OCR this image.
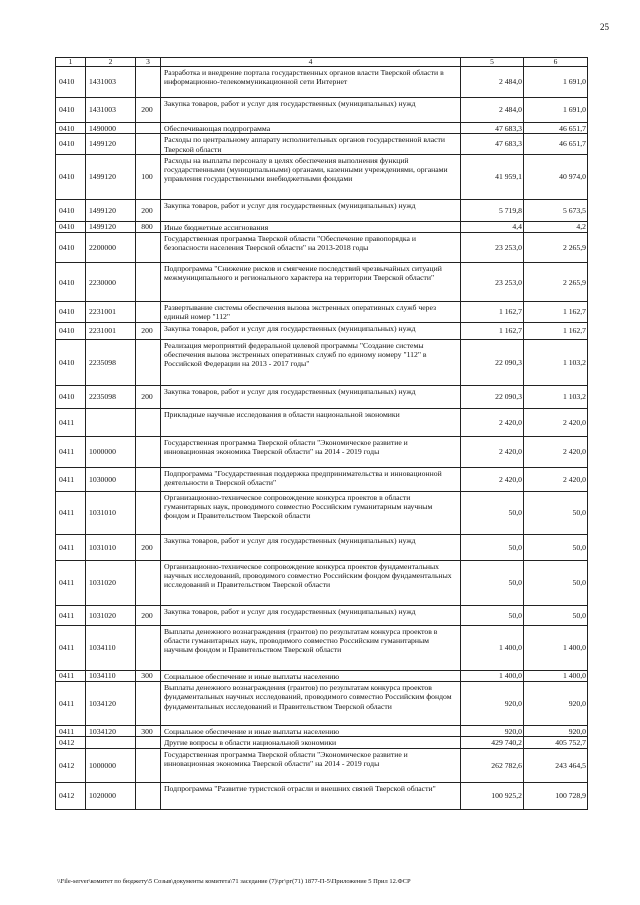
25
1	2	3	4	5	6
0410	1431003		Разработка и внедрение портала государственных органов власти Тверской области в информационно-телекоммуникационной сети Интернет	2 484,0	1 691,0
0410	1431003	200	Закупка товаров, работ и услуг для государственных (муниципальных) нужд	2 484,0	1 691,0
0410	1490000		Обеспечивающая подпрограмма	47 683,3	46 651,7
0410	1499120		Расходы по центральному аппарату исполнительных органов государственной власти Тверской области	47 683,3	46 651,7
0410	1499120	100	Расходы на выплаты персоналу в целях обеспечения выполнения функций государственными (муниципальными) органами, казенными учреждениями, органами управления государственными внебюджетными фондами	41 959,1	40 974,0
0410	1499120	200	Закупка товаров, работ и услуг для государственных (муниципальных) нужд	5 719,8	5 673,5
0410	1499120	800	Иные бюджетные ассигнования	4,4	4,2
0410	2200000		Государственная программа Тверской области "Обеспечение правопорядка и безопасности населения Тверской области" на 2013-2018 годы	23 253,0	2 265,9
0410	2230000		Подпрограмма "Снижение рисков и смягчение последствий чрезвычайных ситуаций межмуниципального и регионального характера на территории Тверской области"	23 253,0	2 265,9
0410	2231001		Развертывание системы обеспечения вызова экстренных оперативных служб через единый номер "112"	1 162,7	1 162,7
0410	2231001	200	Закупка товаров, работ и услуг для государственных (муниципальных) нужд	1 162,7	1 162,7
0410	2235098		Реализация мероприятий федеральной целевой программы "Создание системы обеспечения вызова экстренных оперативных служб по единому номеру "112" в Российской Федерации на 2013 - 2017 годы"	22 090,3	1 103,2
0410	2235098	200	Закупка товаров, работ и услуг для государственных (муниципальных) нужд	22 090,3	1 103,2
0411			Прикладные научные исследования в области национальной экономики	2 420,0	2 420,0
0411	1000000		Государственная программа Тверской области "Экономическое развитие и инновационная экономика Тверской области" на 2014 - 2019 годы	2 420,0	2 420,0
0411	1030000		Подпрограмма "Государственная поддержка предпринимательства и инновационной деятельности в Тверской области"	2 420,0	2 420,0
0411	1031010		Организационно-техническое сопровождение конкурса проектов в области гуманитарных наук, проводимого совместно Российским гуманитарным научным фондом и Правительством Тверской области	50,0	50,0
0411	1031010	200	Закупка товаров, работ и услуг для государственных (муниципальных) нужд	50,0	50,0
0411	1031020		Организационно-техническое сопровождение конкурса проектов фундаментальных научных исследований, проводимого совместно Российским фондом фундаментальных исследований и Правительством Тверской области	50,0	50,0
0411	1031020	200	Закупка товаров, работ и услуг для государственных (муниципальных) нужд	50,0	50,0
0411	1034110		Выплаты денежного вознаграждения (грантов) по результатам конкурса проектов в области гуманитарных наук, проводимого совместно Российским гуманитарным научным фондом и Правительством Тверской области	1 400,0	1 400,0
0411	1034110	300	Социальное обеспечение и иные выплаты населению	1 400,0	1 400,0
0411	1034120		Выплаты денежного вознаграждения (грантов) по результатам конкурса проектов фундаментальных научных исследований, проводимого совместно Российским фондом фундаментальных исследований и Правительством Тверской области	920,0	920,0
0411	1034120	300	Социальное обеспечение и иные выплаты населению	920,0	920,0
0412			Другие вопросы в области национальной экономики	429 740,2	405 752,7
0412	1000000		Государственная программа Тверской области "Экономическое развитие и инновационная экономика Тверской области" на 2014 - 2019 годы	262 782,6	243 464,5
0412	1020000		Подпрограмма "Развитие туристской отрасли и внешних связей Тверской области"	100 925,2	100 728,9
\\File-server\комитет по бюджету\5 Созыв\документы комитета\71 заседание (7)\рг\рг(71) 1877-П-5\Приложение 5 Прил 12.ФСР
